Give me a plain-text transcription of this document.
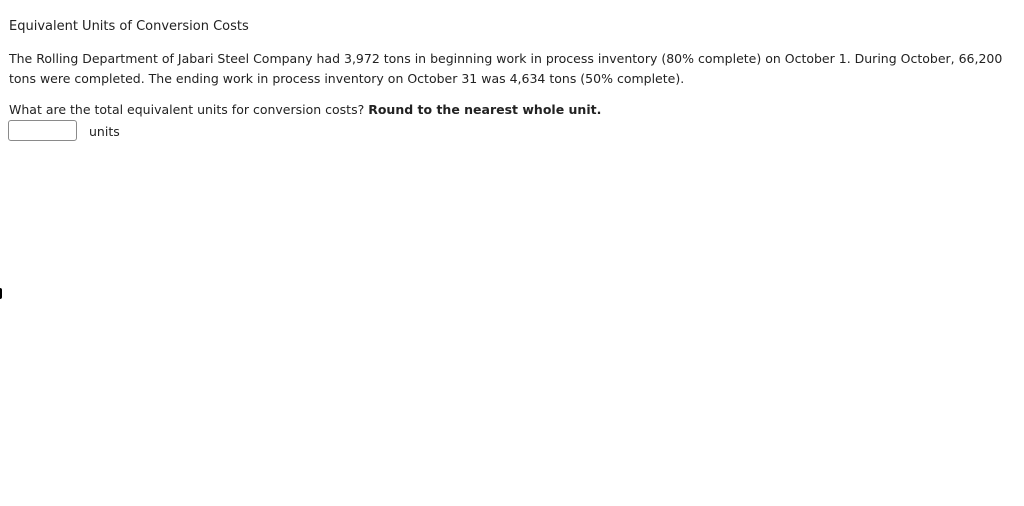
Equivalent Units of Conversion Costs
The Rolling Department of Jabari Steel Company had 3,972 tons in beginning work in process inventory (80% complete) on October 1. During October, 66,200 tons were completed. The ending work in process inventory on October 31 was 4,634 tons (50% complete).
What are the total equivalent units for conversion costs? Round to the nearest whole unit.
units
